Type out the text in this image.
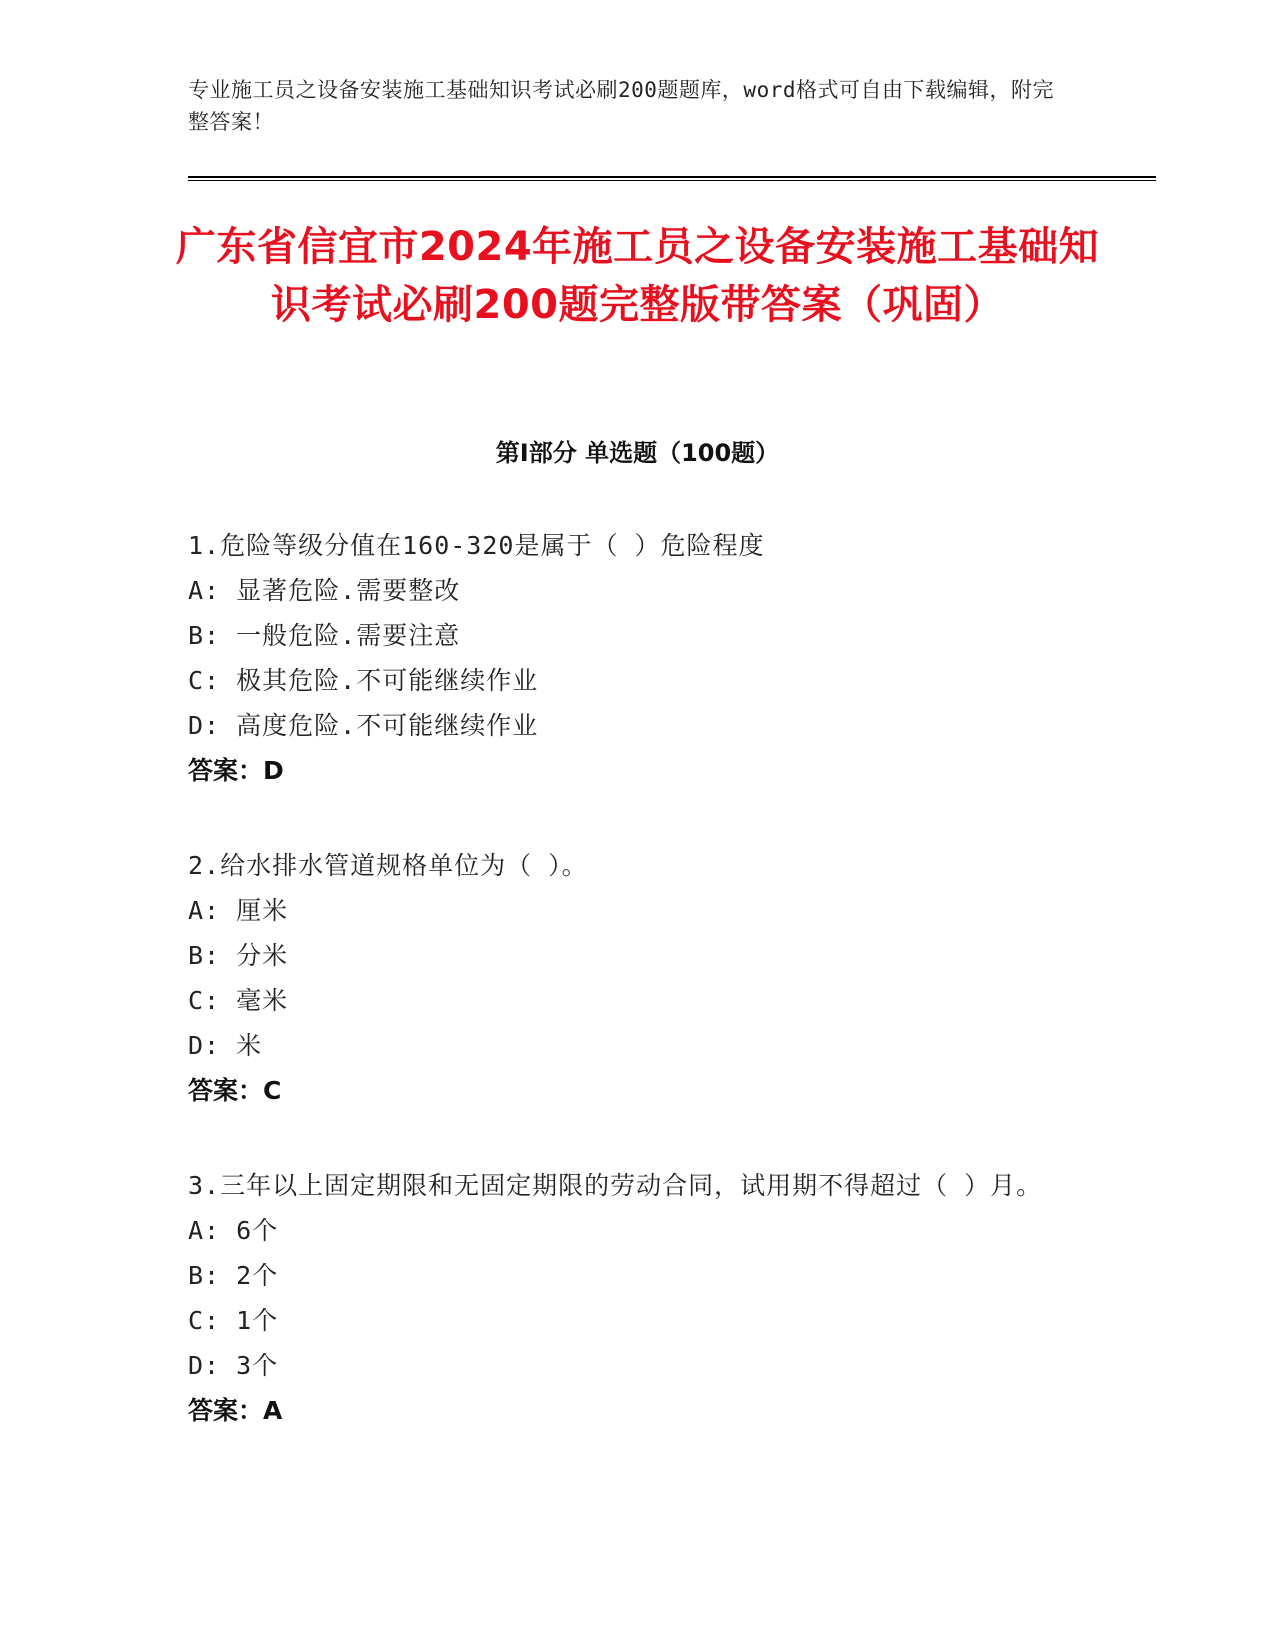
专业施工员之设备安装施工基础知识考试必刷200题题库，word格式可自由下载编辑，附完整答案！
广东省信宜市2024年施工员之设备安装施工基础知识考试必刷200题完整版带答案（巩固）
第Ⅰ部分 单选题（100题）
1.危险等级分值在160-320是属于（ ）危险程度
A: 显著危险.需要整改
B: 一般危险.需要注意
C: 极其危险.不可能继续作业
D: 高度危险.不可能继续作业
答案：D
2.给水排水管道规格单位为（ ）。
A: 厘米
B: 分米
C: 毫米
D: 米
答案：C
3.三年以上固定期限和无固定期限的劳动合同，试用期不得超过（ ）月。
A: 6个
B: 2个
C: 1个
D: 3个
答案：A
